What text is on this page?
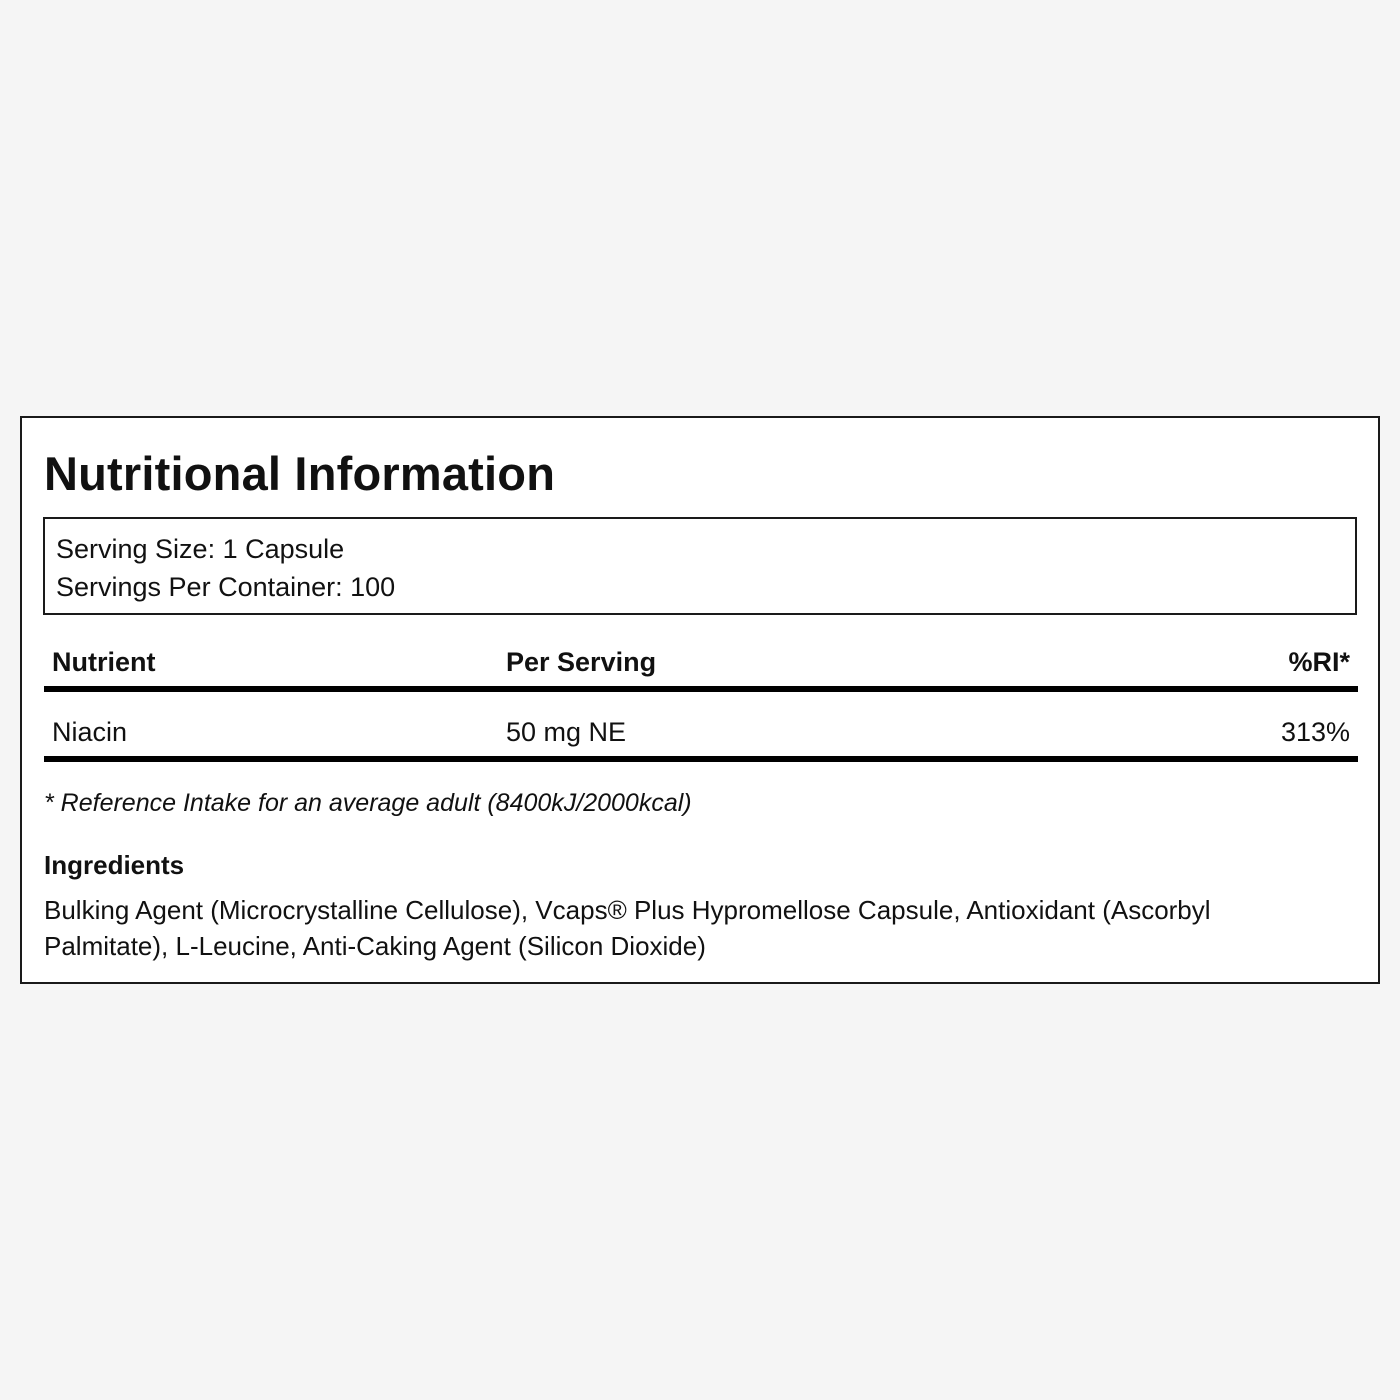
Nutritional Information
Serving Size: 1 Capsule
Servings Per Container: 100
Nutrient	Per Serving	%RI*
Niacin	50 mg NE	313%
* Reference Intake for an average adult (8400kJ/2000kcal)
Ingredients
Bulking Agent (Microcrystalline Cellulose), Vcaps® Plus Hypromellose Capsule, Antioxidant (Ascorbyl Palmitate), L-Leucine, Anti-Caking Agent (Silicon Dioxide)
